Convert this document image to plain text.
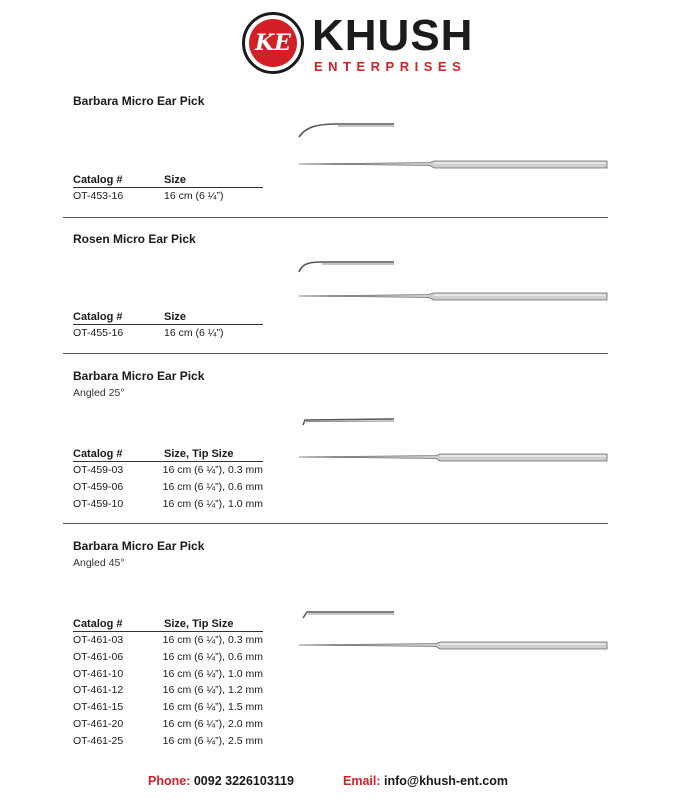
KE KHUSH
ENTERPRISES
Barbara Micro Ear Pick
Catalog #	Size
OT-453-16	16 cm (6 ¼”)
Rosen Micro Ear Pick
Catalog #	Size
OT-455-16	16 cm (6 ¼”)
Barbara Micro Ear Pick
Angled 25°
Catalog #	Size, Tip Size
OT-459-03	16 cm (6 ¼”), 0.3 mm
OT-459-06	16 cm (6 ¼”), 0.6 mm
OT-459-10	16 cm (6 ¼”), 1.0 mm
Barbara Micro Ear Pick
Angled 45°
Catalog #	Size, Tip Size
OT-461-03	16 cm (6 ¼”), 0.3 mm
OT-461-06	16 cm (6 ¼”), 0.6 mm
OT-461-10	16 cm (6 ¼”), 1.0 mm
OT-461-12	16 cm (6 ¼”), 1.2 mm
OT-461-15	16 cm (6 ¼”), 1.5 mm
OT-461-20	16 cm (6 ¼”), 2.0 mm
OT-461-25	16 cm (6 ¼”), 2.5 mm
Phone: 0092 3226103119	Email: info@khush-ent.com
